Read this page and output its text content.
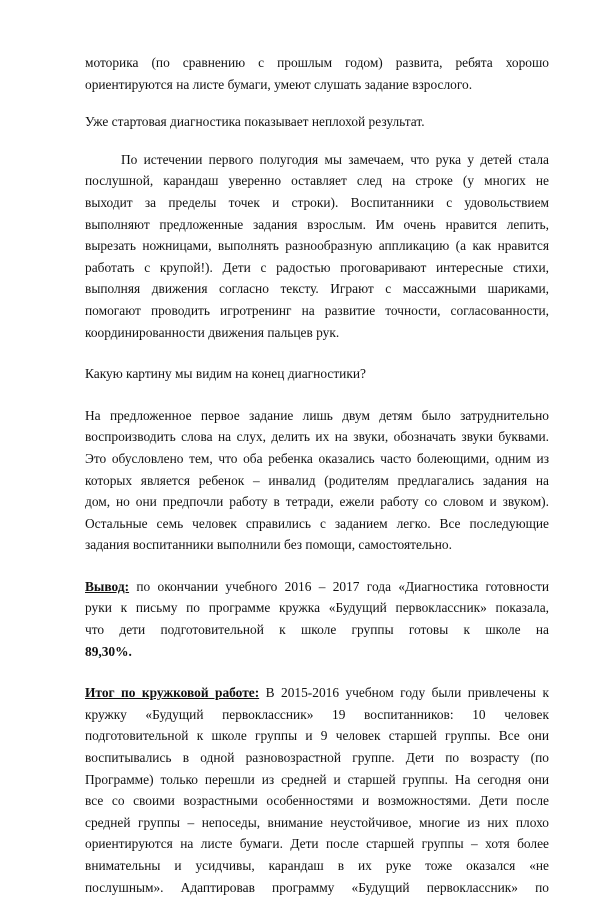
моторика (по сравнению с прошлым годом) развита, ребята хорошо
ориентируются на листе бумаги, умеют слушать задание взрослого.
Уже стартовая диагностика показывает неплохой результат.
По истечении первого полугодия мы замечаем, что рука у детей стала
послушной, карандаш уверенно оставляет след на строке (у многих не
выходит за пределы точек и строки). Воспитанники с удовольствием
выполняют предложенные задания взрослым. Им очень нравится лепить,
вырезать ножницами, выполнять разнообразную аппликацию (а как нравится
работать с крупой!). Дети с радостью проговаривают интересные стихи,
выполняя движения согласно тексту. Играют с массажными шариками,
помогают проводить игротренинг на развитие точности, согласованности,
координированности движения пальцев рук.
Какую картину мы видим на конец диагностики?
На предложенное первое задание лишь двум детям было затруднительно
воспроизводить слова на слух, делить их на звуки, обозначать звуки буквами.
Это обусловлено тем, что оба ребенка оказались часто болеющими, одним из
которых является ребенок – инвалид (родителям предлагались задания на
дом, но они предпочли работу в тетради, ежели работу со словом и звуком).
Остальные семь человек справились с заданием легко. Все последующие
задания воспитанники выполнили без помощи, самостоятельно.
Вывод: по окончании учебного 2016 – 2017 года «Диагностика готовности
руки к письму по программе кружка «Будущий первоклассник» показала,
что дети подготовительной к школе группы готовы к школе на
89,30%.
Итог по кружковой работе: В 2015-2016 учебном году были привлечены к
кружку «Будущий первоклассник» 19 воспитанников: 10 человек
подготовительной к школе группы и 9 человек старшей группы. Все они
воспитывались в одной разновозрастной группе. Дети по возрасту (по
Программе) только перешли из средней и старшей группы. На сегодня они
все со своими возрастными особенностями и возможностями. Дети после
средней группы – непоседы, внимание неустойчивое, многие из них плохо
ориентируются на листе бумаги. Дети после старшей группы – хотя более
внимательны и усидчивы, карандаш в их руке тоже оказался «не
послушным». Адаптировав программу «Будущий первоклассник» по
